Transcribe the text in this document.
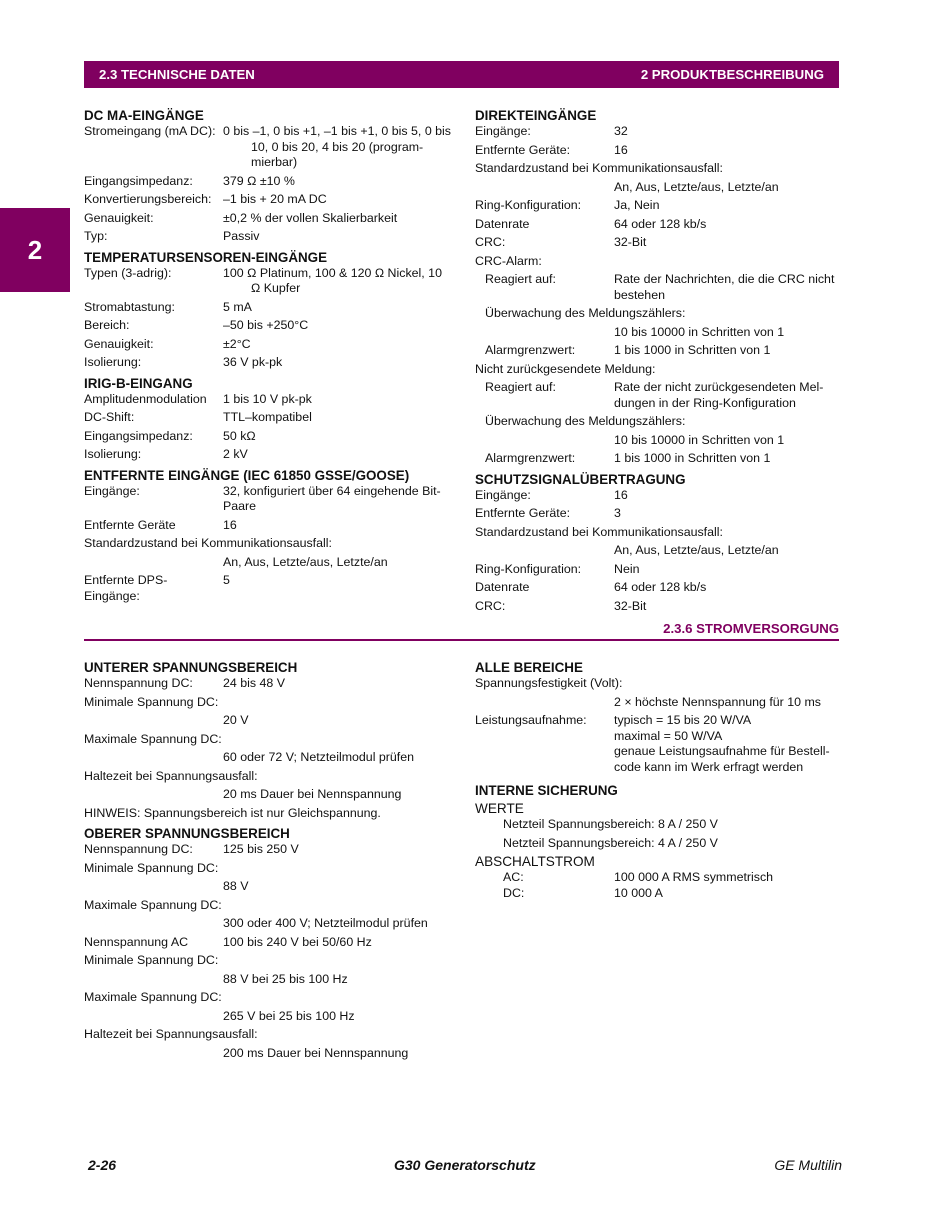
2.3 TECHNISCHE DATEN	2 PRODUKTBESCHREIBUNG
2
DC MA-EINGÄNGE
Stromeingang (mA DC): 0 bis –1, 0 bis +1, –1 bis +1, 0 bis 5, 0 bis 10, 0 bis 20, 4 bis 20 (program-mierbar)
Eingangsimpedanz:	379 Ω ±10 %
Konvertierungsbereich: –1 bis + 20 mA DC
Genauigkeit:	±0,2 % der vollen Skalierbarkeit
Typ:	Passiv
TEMPERATURSENSOREN-EINGÄNGE
Typen (3-adrig):	100 Ω Platinum, 100 & 120 Ω Nickel, 10 Ω Kupfer
Stromabtastung:	5 mA
Bereich:	–50 bis +250°C
Genauigkeit:	±2°C
Isolierung:	36 V pk-pk
IRIG-B-EINGANG
Amplitudenmodulation	1 bis 10 V pk-pk
DC-Shift:	TTL–kompatibel
Eingangsimpedanz:	50 kΩ
Isolierung:	2 kV
ENTFERNTE EINGÄNGE (IEC 61850 GSSE/GOOSE)
Eingänge:	32, konfiguriert über 64 eingehende Bit-Paare
Entfernte Geräte	16
Standardzustand bei Kommunikationsausfall:
An, Aus, Letzte/aus, Letzte/an
Entfernte DPS-Eingänge:
5
DIREKTEINGÄNGE
Eingänge:	32
Entfernte Geräte:	16
Standardzustand bei Kommunikationsausfall:
An, Aus, Letzte/aus, Letzte/an
Ring-Konfiguration:	Ja, Nein
Datenrate	64 oder 128 kb/s
CRC:	32-Bit
CRC-Alarm:
Reagiert auf:	Rate der Nachrichten, die die CRC nicht bestehen
Überwachung des Meldungszählers:
10 bis 10000 in Schritten von 1
Alarmgrenzwert:	1 bis 1000 in Schritten von 1
Nicht zurückgesendete Meldung:
Reagiert auf:	Rate der nicht zurückgesendeten Mel-dungen in der Ring-Konfiguration
Überwachung des Meldungszählers:
10 bis 10000 in Schritten von 1
Alarmgrenzwert:	1 bis 1000 in Schritten von 1
SCHUTZSIGNALÜBERTRAGUNG
Eingänge:	16
Entfernte Geräte:	3
Standardzustand bei Kommunikationsausfall:
An, Aus, Letzte/aus, Letzte/an
Ring-Konfiguration:	Nein
Datenrate	64 oder 128 kb/s
CRC:	32-Bit
2.3.6 STROMVERSORGUNG
UNTERER SPANNUNGSBEREICH
Nennspannung DC:	24 bis 48 V
Minimale Spannung DC:
20 V
Maximale Spannung DC:
60 oder 72 V; Netzteilmodul prüfen
Haltezeit bei Spannungsausfall:
20 ms Dauer bei Nennspannung
HINWEIS: Spannungsbereich ist nur Gleichspannung.
OBERER SPANNUNGSBEREICH
Nennspannung DC:	125 bis 250 V
Minimale Spannung DC:
88 V
Maximale Spannung DC:
300 oder 400 V; Netzteilmodul prüfen
Nennspannung AC	100 bis 240 V bei 50/60 Hz
Minimale Spannung DC:
88 V bei 25 bis 100 Hz
Maximale Spannung DC:
265 V bei 25 bis 100 Hz
Haltezeit bei Spannungsausfall:
200 ms Dauer bei Nennspannung
ALLE BEREICHE
Spannungsfestigkeit (Volt):
2 × höchste Nennspannung für 10 ms
Leistungsaufnahme:	typisch = 15 bis 20 W/VA
maximal = 50 W/VA
genaue Leistungsaufnahme für Bestell-code kann im Werk erfragt werden
INTERNE SICHERUNG
WERTE
Netzteil Spannungsbereich: 8 A / 250 V
Netzteil Spannungsbereich: 4 A / 250 V
ABSCHALTSTROM
AC:	100 000 A RMS symmetrisch
DC:	10 000 A
2-26	G30 Generatorschutz	GE Multilin
